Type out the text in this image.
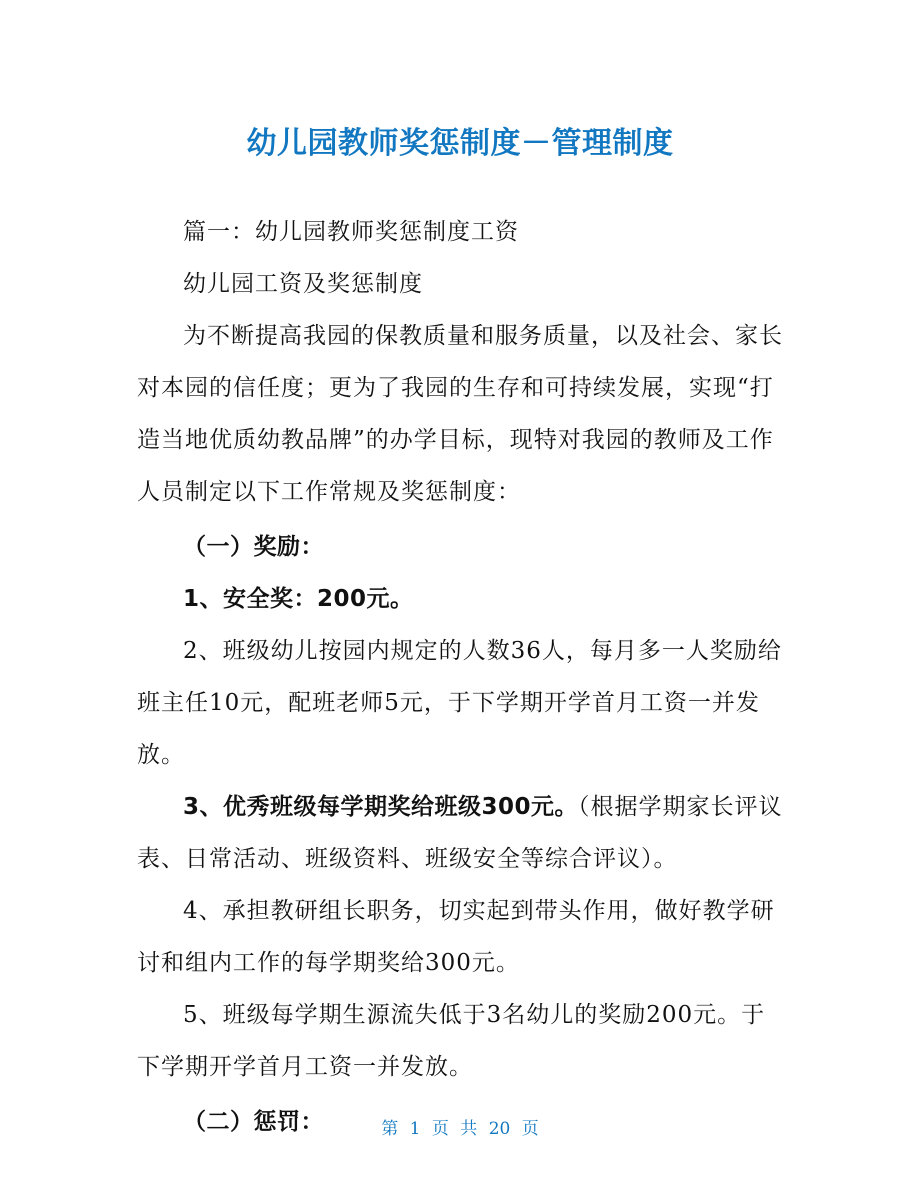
幼儿园教师奖惩制度－管理制度

篇一：幼儿园教师奖惩制度工资

幼儿园工资及奖惩制度

为不断提高我园的保教质量和服务质量，以及社会、家长对本园的信任度；更为了我园的生存和可持续发展，实现“打造当地优质幼教品牌”的办学目标，现特对我园的教师及工作人员制定以下工作常规及奖惩制度：

（一）奖励：

1、安全奖：200元。

2、班级幼儿按园内规定的人数36人，每月多一人奖励给班主任10元，配班老师5元，于下学期开学首月工资一并发放。

3、优秀班级每学期奖给班级300元。（根据学期家长评议表、日常活动、班级资料、班级安全等综合评议）。

4、承担教研组长职务，切实起到带头作用，做好教学研讨和组内工作的每学期奖给300元。

5、班级每学期生源流失低于3名幼儿的奖励200元。于下学期开学首月工资一并发放。

（二）惩罚：	第 1 页 共 20 页
